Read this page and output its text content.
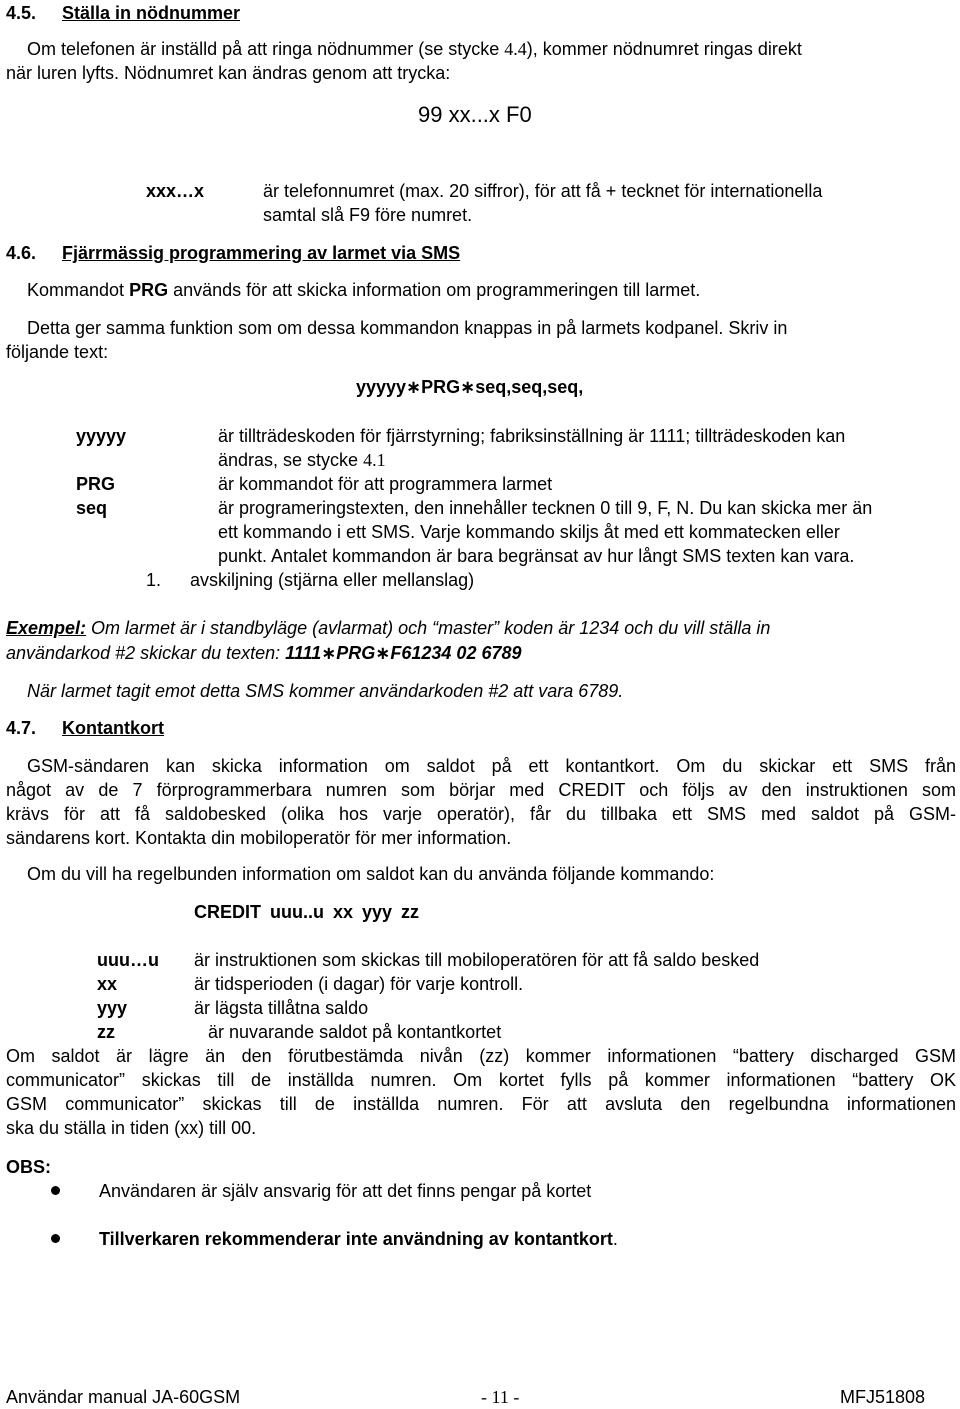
4.5. Ställa in nödnummer
Om telefonen är inställd på att ringa nödnummer (se stycke 4.4), kommer nödnumret ringas direkt
när luren lyfts. Nödnumret kan ändras genom att trycka:
99 xx...x F0
xxx…x	är telefonnumret (max. 20 siffror), för att få + tecknet för internationella
samtal slå F9 före numret.
4.6. Fjärrmässig programmering av larmet via SMS
Kommandot PRG används för att skicka information om programmeringen till larmet.
Detta ger samma funktion som om dessa kommandon knappas in på larmets kodpanel. Skriv in
följande text:
yyyyy∗PRG∗seq,seq,seq,
yyyyy	är tillträdeskoden för fjärrstyrning; fabriksinställning är 1111; tillträdeskoden kan
ändras, se stycke 4.1
PRG	är kommandot för att programmera larmet
seq	är programeringstexten, den innehåller tecknen 0 till 9, F, N. Du kan skicka mer än
ett kommando i ett SMS. Varje kommando skiljs åt med ett kommatecken eller
punkt. Antalet kommandon är bara begränsat av hur långt SMS texten kan vara.
1. avskiljning (stjärna eller mellanslag)
Exempel: Om larmet är i standbyläge (avlarmat) och “master” koden är 1234 och du vill ställa in
användarkod #2 skickar du texten: 1111∗PRG∗F61234 02 6789
När larmet tagit emot detta SMS kommer användarkoden #2 att vara 6789.
4.7. Kontantkort
GSM-sändaren kan skicka information om saldot på ett kontantkort. Om du skickar ett SMS från
något av de 7 förprogrammerbara numren som börjar med CREDIT och följs av den instruktionen som
krävs för att få saldobesked (olika hos varje operatör), får du tillbaka ett SMS med saldot på GSM-
sändarens kort. Kontakta din mobiloperatör för mer information.
Om du vill ha regelbunden information om saldot kan du använda följande kommando:
CREDIT uuu..u xx yyy zz
uuu…u är instruktionen som skickas till mobiloperatören för att få saldo besked
xx	är tidsperioden (i dagar) för varje kontroll.
yyy	är lägsta tillåtna saldo
zz	är nuvarande saldot på kontantkortet
Om saldot är lägre än den förutbestämda nivån (zz) kommer informationen “battery discharged GSM
communicator” skickas till de inställda numren. Om kortet fylls på kommer informationen “battery OK
GSM communicator” skickas till de inställda numren. För att avsluta den regelbundna informationen
ska du ställa in tiden (xx) till 00.
OBS:
Användaren är själv ansvarig för att det finns pengar på kortet
Tillverkaren rekommenderar inte användning av kontantkort.
Användar manual JA-60GSM	- 11 -	MFJ51808
